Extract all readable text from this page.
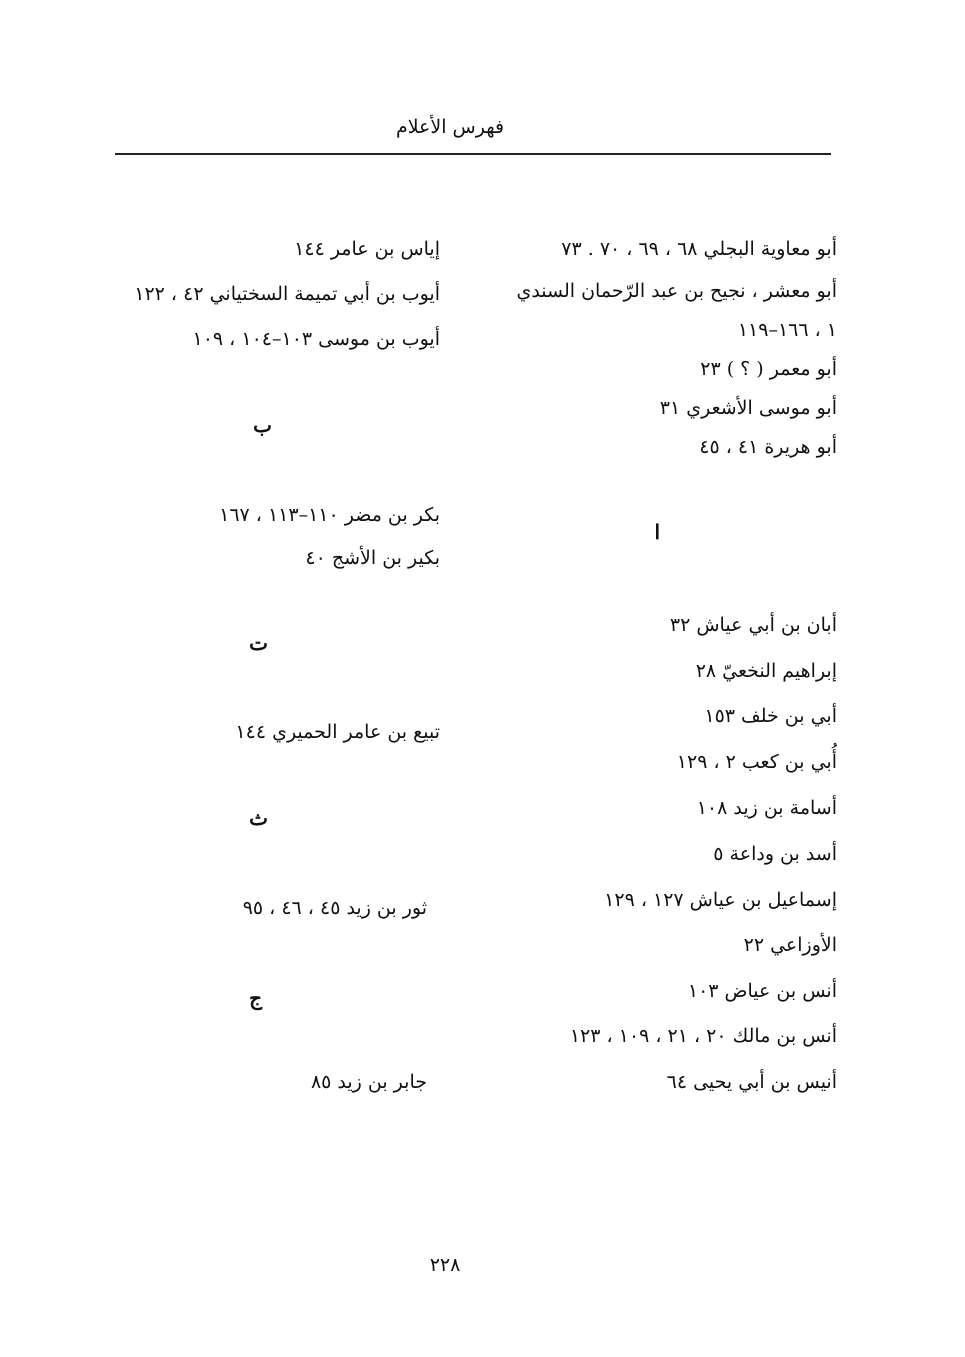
فهرس الأعلام
أبو معاوية البجلي ٦٨ ، ٦٩ ، ٧٠ . ٧٣
أبو معشر ، نجيح بن عبد الرّحمان السندي
١ ، ١٦٦–١١٩
أبو معمر ( ؟ ) ٢٣
أبو موسى الأشعري ٣١
أبو هريرة ٤١ ، ٤٥
ا
أبان بن أبي عياش ٣٢
إبراهيم النخعيّ ٢٨
أبي بن خلف ١٥٣
أُبي بن كعب ٢ ، ١٢٩
أسامة بن زيد ١٠٨
أسد بن وداعة ٥
إسماعيل بن عياش ١٢٧ ، ١٢٩
الأوزاعي ٢٢
أنس بن عياض ١٠٣
أنس بن مالك ٢٠ ، ٢١ ، ١٠٩ ، ١٢٣
أنيس بن أبي يحيى ٦٤
إياس بن عامر ١٤٤
أيوب بن أبي تميمة السختياني ٤٢ ، ١٢٢
أيوب بن موسى ١٠٣–١٠٤ ، ١٠٩
ب
بكر بن مضر ١١٠–١١٣ ، ١٦٧
بكير بن الأشج ٤٠
ت
تبيع بن عامر الحميري ١٤٤
ث
ثور بن زيد ٤٥ ، ٤٦ ، ٩٥
ج
جابر بن زيد ٨٥
٢٢٨
